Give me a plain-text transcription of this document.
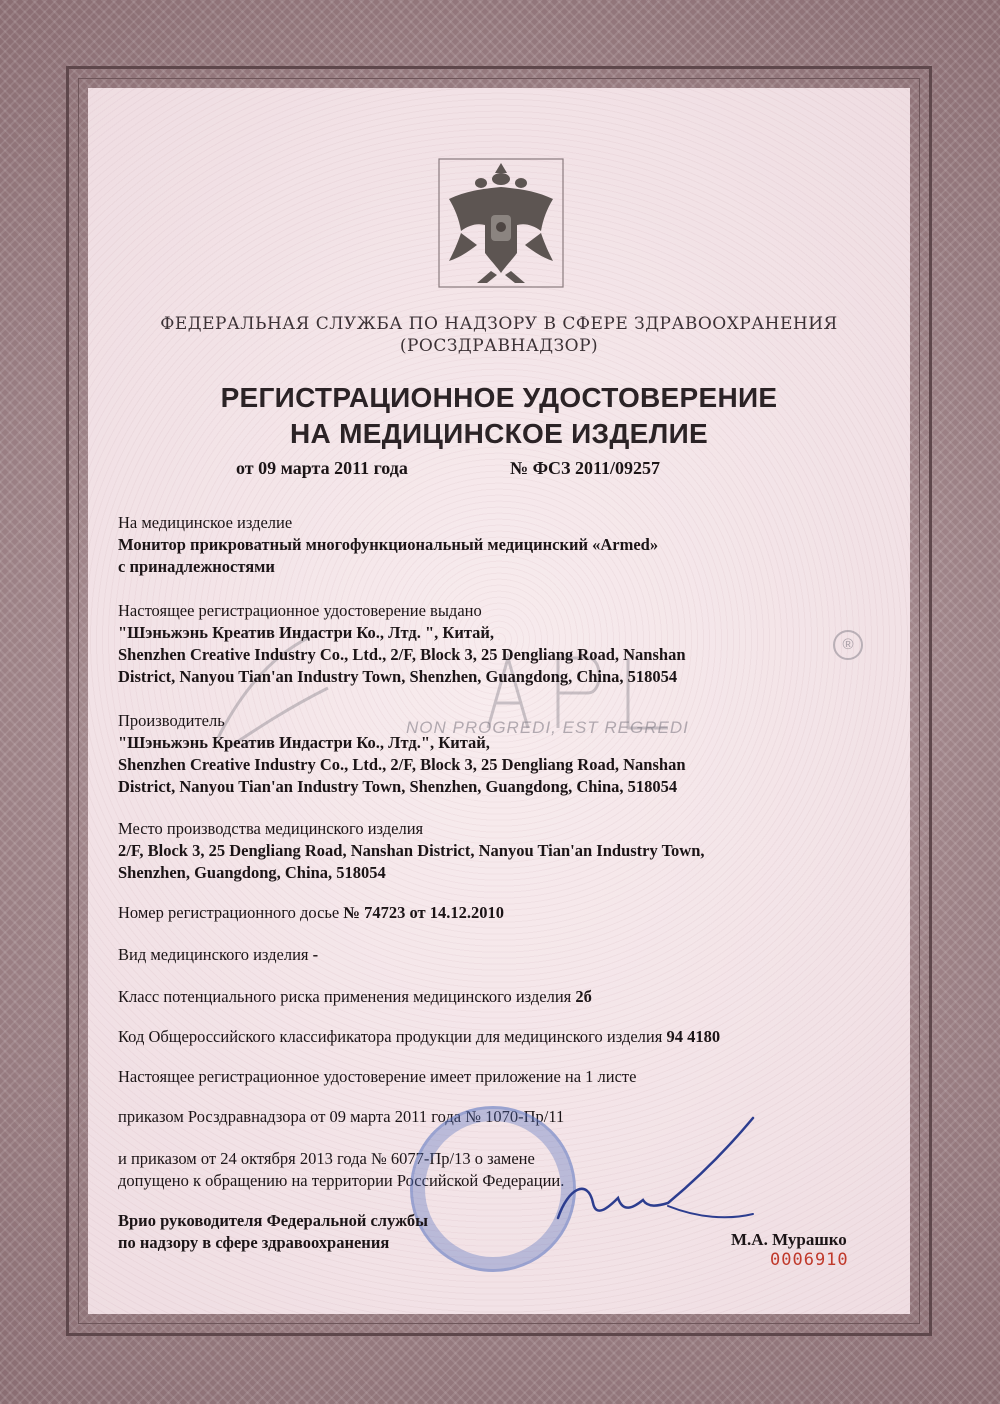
ФЕДЕРАЛЬНАЯ СЛУЖБА ПО НАДЗОРУ В СФЕРЕ ЗДРАВООХРАНЕНИЯ
(РОСЗДРАВНАДЗОР)
РЕГИСТРАЦИОННОЕ УДОСТОВЕРЕНИЕ
НА МЕДИЦИНСКОЕ ИЗДЕЛИЕ
от 09 марта 2011 года	№ ФСЗ 2011/09257
NON PROGREDI, EST REGREDI
®
На медицинское изделие
Монитор прикроватный многофункциональный медицинский «Armed»
с принадлежностями
Настоящее регистрационное удостоверение выдано
"Шэньжэнь Креатив Индастри Ко., Лтд. ", Китай,
Shenzhen Creative Industry Co., Ltd., 2/F, Block 3, 25 Dengliang Road, Nanshan
District, Nanyou Tian'an Industry Town, Shenzhen, Guangdong, China, 518054
Производитель
"Шэньжэнь Креатив Индастри Ко., Лтд.", Китай,
Shenzhen Creative Industry Co., Ltd., 2/F, Block 3, 25 Dengliang Road, Nanshan
District, Nanyou Tian'an Industry Town, Shenzhen, Guangdong, China, 518054
Место производства медицинского изделия
2/F, Block 3, 25 Dengliang Road, Nanshan District, Nanyou Tian'an Industry Town,
Shenzhen, Guangdong, China, 518054
Номер регистрационного досье № 74723 от 14.12.2010
Вид медицинского изделия -
Класс потенциального риска применения медицинского изделия 2б
Код Общероссийского классификатора продукции для медицинского изделия 94 4180
Настоящее регистрационное удостоверение имеет приложение на 1 листе
приказом Росздравнадзора от 09 марта 2011 года № 1070-Пр/11
и приказом от 24 октября 2013 года № 6077-Пр/13 о замене
допущено к обращению на территории Российской Федерации.
Врио руководителя Федеральной службы
по надзору в сфере здравоохранения	М.А. Мурашко
0006910
